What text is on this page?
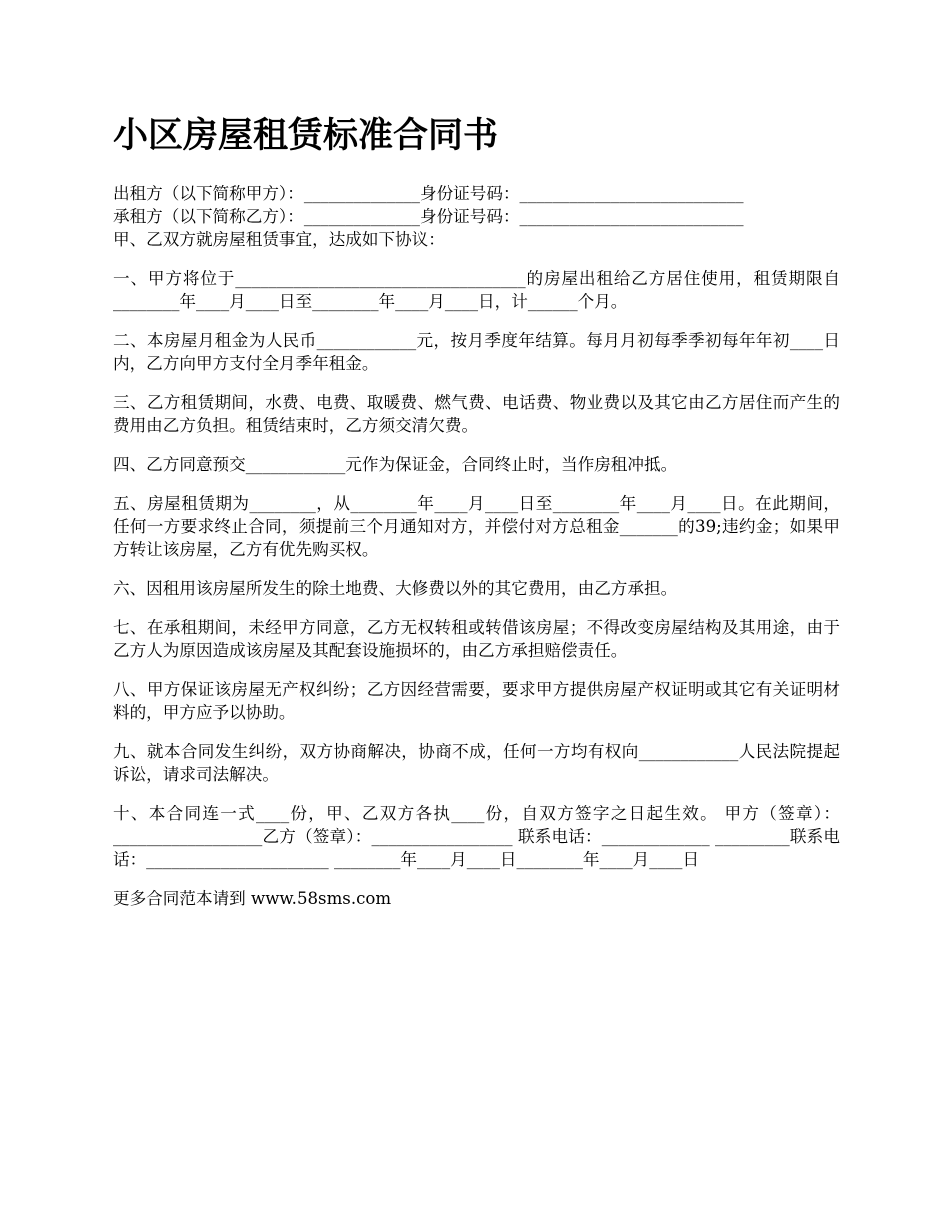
小区房屋租赁标准合同书
出租方（以下简称甲方）：______________身份证号码：___________________________
承租方（以下简称乙方）：______________身份证号码：___________________________
甲、乙双方就房屋租赁事宜，达成如下协议：
一、甲方将位于___________________________________的房屋出租给乙方居住使用，租赁期限自________年____月____日至________年____月____日，计______个月。
二、本房屋月租金为人民币____________元，按月季度年结算。每月月初每季季初每年年初____日内，乙方向甲方支付全月季年租金。
三、乙方租赁期间，水费、电费、取暖费、燃气费、电话费、物业费以及其它由乙方居住而产生的费用由乙方负担。租赁结束时，乙方须交清欠费。
四、乙方同意预交____________元作为保证金，合同终止时，当作房租冲抵。
五、房屋租赁期为________，从________年____月____日至________年____月____日。在此期间，任何一方要求终止合同，须提前三个月通知对方，并偿付对方总租金_______的39;违约金；如果甲方转让该房屋，乙方有优先购买权。
六、因租用该房屋所发生的除土地费、大修费以外的其它费用，由乙方承担。
七、在承租期间，未经甲方同意，乙方无权转租或转借该房屋；不得改变房屋结构及其用途，由于乙方人为原因造成该房屋及其配套设施损坏的，由乙方承担赔偿责任。
八、甲方保证该房屋无产权纠纷；乙方因经营需要，要求甲方提供房屋产权证明或其它有关证明材料的，甲方应予以协助。
九、就本合同发生纠纷，双方协商解决，协商不成，任何一方均有权向____________人民法院提起诉讼，请求司法解决。
十、本合同连一式____份，甲、乙双方各执____份，自双方签字之日起生效。 甲方（签章）：__________________乙方（签章）：_________________ 联系电话：_____________ _________联系电话：______________________ ________年____月____日________年____月____日
更多合同范本请到 www.58sms.com
